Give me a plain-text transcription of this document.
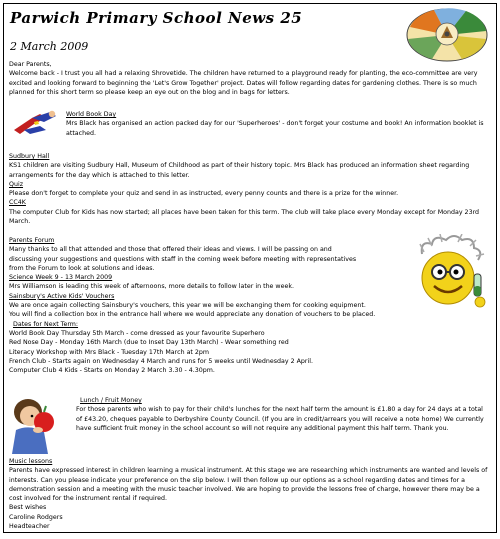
Parwich Primary School News 25
2 March 2009

Dear Parents,

Welcome back - I trust you all had a relaxing Shrovetide. The children have returned to a playground ready for planting, the eco-committee are very excited and looking forward to beginning the 'Let's Grow Together' project. Dates will follow regarding dates for gardening clothes. There is so much planned for this short term so please keep an eye out on the blog and in bags for letters.

World Book Day
Mrs Black has organised an action packed day for our 'Superheroes' - don't forget your costume and book! An information booklet is attached.
Sudbury Hall

KS1 children are visiting Sudbury Hall, Museum of Childhood as part of their history topic. Mrs Black has produced an information sheet regarding arrangements for the day which is attached to this letter.

Quiz

Please don't forget to complete your quiz and send in as instructed, every penny counts and there is a prize for the winner.

CC4K

The computer Club for Kids has now started; all places have been taken for this term. The club will take place every Monday except for Monday 23rd March.

Parents Forum

Many thanks to all that attended and those that offered their ideas and views. I will be passing on and

discussing your suggestions and questions with staff in the coming week before meeting with representatives

from the Forum to look at solutions and ideas.

Science Week 9 - 13 March 2009

Mrs Williamson is leading this week of afternoons, more details to follow later in the week.

Sainsbury's Active Kids' Vouchers

We are once again collecting Sainsbury's vouchers, this year we will be exchanging them for cooking equipment.

You will find a collection box in the entrance hall where we would appreciate any donation of vouchers to be placed.

Dates for Next Term:

World Book Day Thursday 5th March - come dressed as your favourite Superhero

Red Nose Day - Monday 16th March (due to Inset Day 13th March) - Wear something red

Literacy Workshop with Mrs Black - Tuesday 17th March at 2pm

French Club - Starts again on Wednesday 4 March and runs for 5 weeks until Wednesday 2 April.

Computer Club 4 Kids - Starts on Monday 2 March 3.30 - 4.30pm.

Lunch / Fruit Money
For those parents who wish to pay for their child's lunches for the next half term the amount is £1.80 a day for 24 days at a total of £43.20, cheques payable to Derbyshire County Council. (If you are in credit/arrears you will receive a note home) We currently have sufficient fruit money in the school account so will not require any additional payment this half term. Thank you.
Music lessons

Parents have expressed interest in children learning a musical instrument. At this stage we are researching which instruments are wanted and levels of interests. Can you please indicate your preference on the slip below. I will then follow up our options as a school regarding dates and times for a demonstration session and a meeting with the music teacher involved. We are hoping to provide the lessons free of charge, however there may be a cost involved for the instrument rental if required.

Best wishes

Caroline Rodgers

Headteacher
